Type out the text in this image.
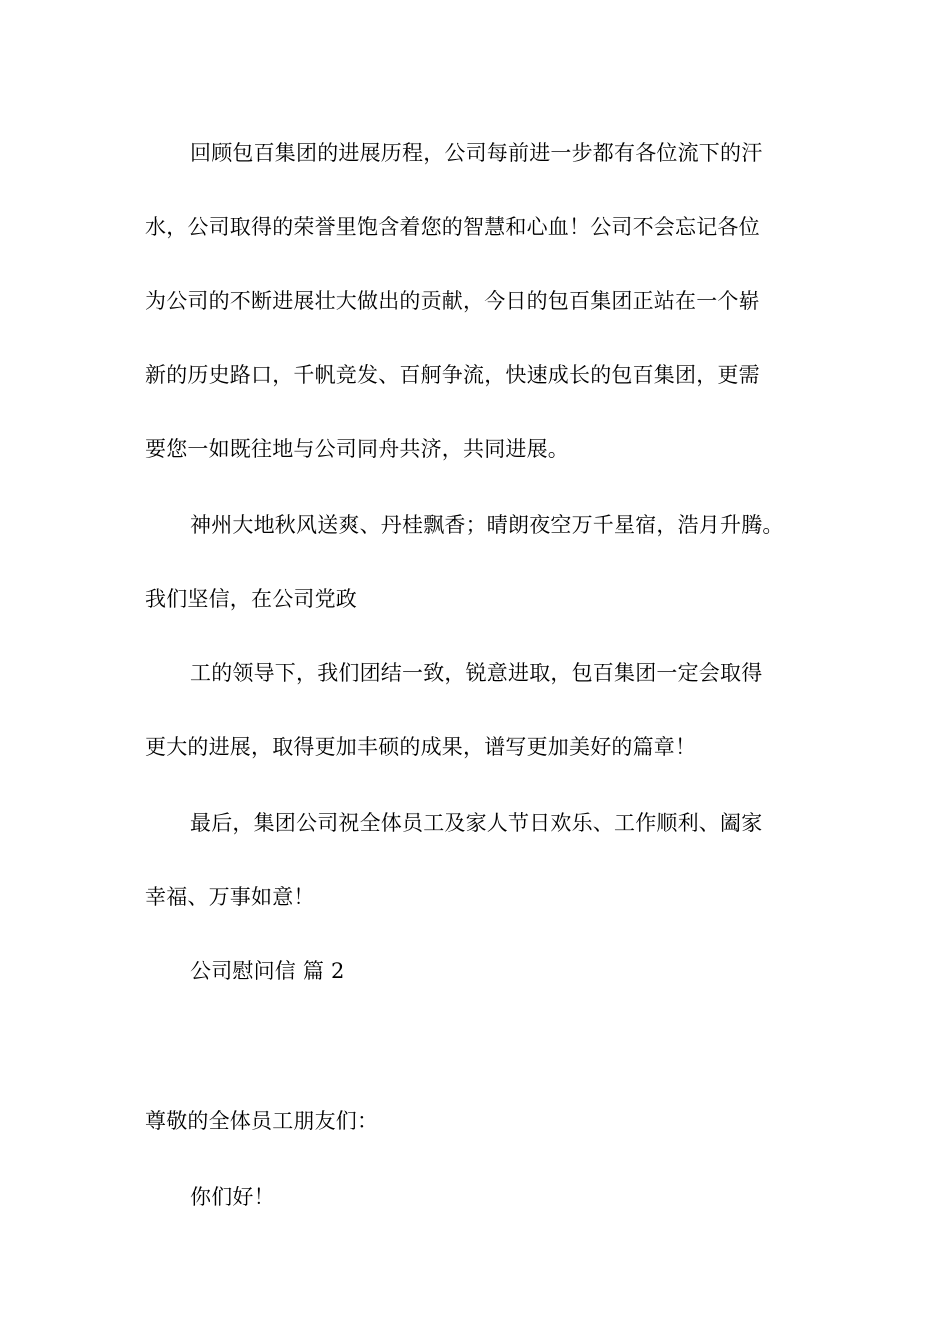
回顾包百集团的进展历程，公司每前进一步都有各位流下的汗
水，公司取得的荣誉里饱含着您的智慧和心血！公司不会忘记各位
为公司的不断进展壮大做出的贡献，今日的包百集团正站在一个崭
新的历史路口，千帆竞发、百舸争流，快速成长的包百集团，更需
要您一如既往地与公司同舟共济，共同进展。
神州大地秋风送爽、丹桂飘香；晴朗夜空万千星宿，浩月升腾。
我们坚信，在公司党政
工的领导下，我们团结一致，锐意进取，包百集团一定会取得
更大的进展，取得更加丰硕的成果，谱写更加美好的篇章！
最后，集团公司祝全体员工及家人节日欢乐、工作顺利、阖家
幸福、万事如意！
公司慰问信 篇 2
尊敬的全体员工朋友们：
你们好！
